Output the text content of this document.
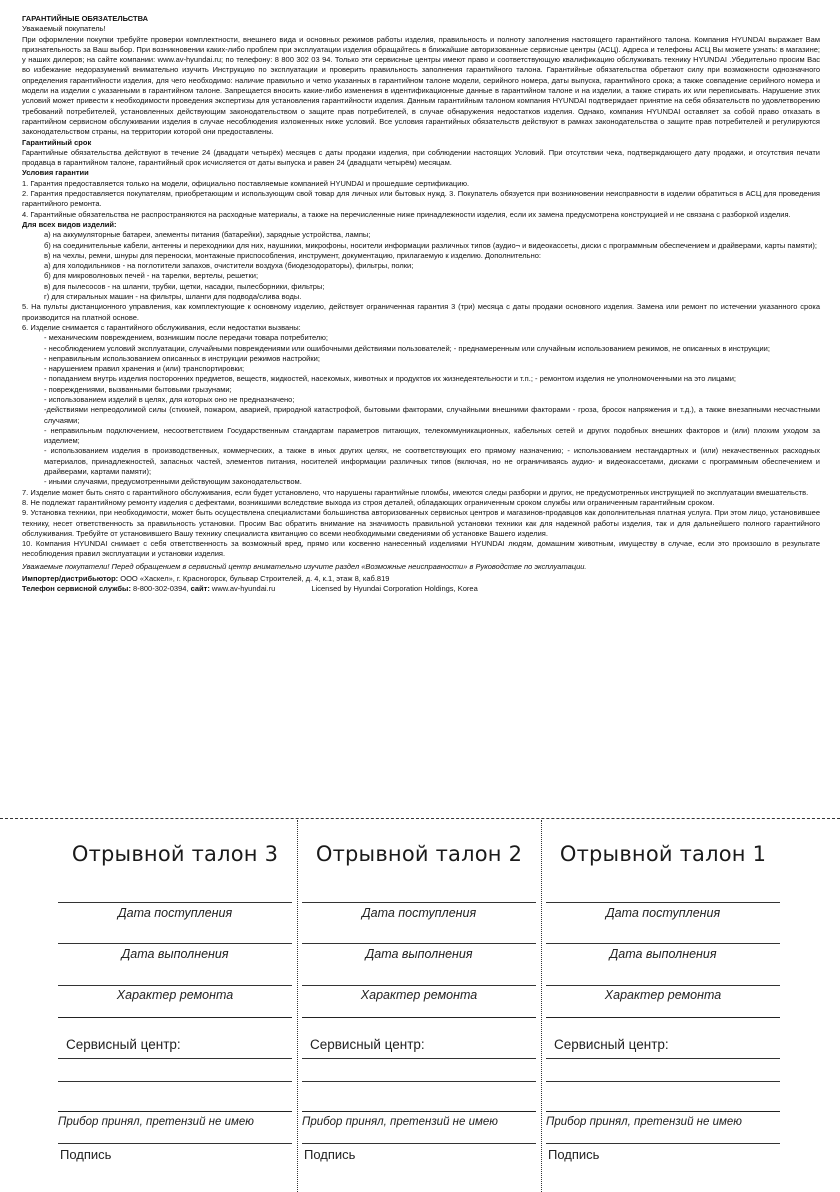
ГАРАНТИЙНЫЕ ОБЯЗАТЕЛЬСТВА

Уважаемый покупатель!

При оформлении покупки требуйте проверки комплектности, внешнего вида и основных режимов работы изделия, правильность и полноту заполнения настоящего гарантийного талона. Компания HYUNDAI выражает Вам признательность за Ваш выбор. При возникновении каких-либо проблем при эксплуатации изделия обращайтесь в ближайшие авторизованные сервисные центры (АСЦ). Адреса и телефоны АСЦ Вы можете узнать: в магазине; у наших дилеров; на сайте компании: www.av-hyundai.ru; по телефону: 8 800 302 03 94. Только эти сервисные центры имеют право и соответствующую квалификацию обслуживать технику HYUNDAI .Убедительно просим Вас во избежание недоразумений внимательно изучить Инструкцию по эксплуатации и проверить правильность заполнения гарантийного талона. Гарантийные обязательства обретают силу при возможности однозначного определения гарантийности изделия, для чего необходимо: наличие правильно и четко указанных в гарантийном талоне модели, серийного номера, даты выпуска, гарантийного срока; а также совпадение серийного номера и модели на изделии с указанными в гарантийном талоне. Запрещается вносить какие-либо изменения в идентификационные данные в гарантийном талоне и на изделии, а также стирать их или переписывать. Нарушение этих условий может привести к необходимости проведения экспертизы для установления гарантийности изделия. Данным гарантийным талоном компания HYUNDAI подтверждает принятие на себя обязательств по удовлетворению требований потребителей, установленных действующим законодательством о защите прав потребителей, в случае обнаружения недостатков изделия. Однако, компания HYUNDAI оставляет за собой право отказать в гарантийном сервисном обслуживании изделия в случае несоблюдения изложенных ниже условий. Все условия гарантийных обязательств действуют в рамках законодательства о защите прав потребителей и регулируются законодательством страны, на территории которой они предоставлены.

Гарантийный срок

Гарантийные обязательства действуют в течение 24 (двадцати четырёх) месяцев с даты продажи изделия, при соблюдении настоящих Условий. При отсутствии чека, подтверждающего дату продажи, и отсутствия печати продавца в гарантийном талоне, гарантийный срок исчисляется от даты выпуска и равен 24 (двадцати четырём) месяцам.

Условия гарантии

1. Гарантия предоставляется только на модели, официально поставляемые компанией HYUNDAI и прошедшие сертификацию.

2. Гарантия предоставляется покупателям, приобретающим и использующим свой товар для личных или бытовых нужд. 3. Покупатель обязуется при возникновении неисправности в изделии обратиться в АСЦ для проведения гарантийного ремонта.

4. Гарантийные обязательства не распространяются на расходные материалы, а также на перечисленные ниже принадлежности изделия, если их замена предусмотрена конструкцией и не связана с разборкой изделия.

Для всех видов изделий:

а) на аккумуляторные батареи, элементы питания (батарейки), зарядные устройства, лампы;

б) на соединительные кабели, антенны и переходники для них, наушники, микрофоны, носители информации различных типов (аудио¬ и видеокассеты, диски с программным обеспечением и драйверами, карты памяти);

в) на чехлы, ремни, шнуры для переноски, монтажные приспособления, инструмент, документацию, прилагаемую к изделию. Дополнительно:

а) для холодильников - на поглотители запахов, очистители воздуха (биодезодораторы), фильтры, полки;

б) для микроволновых печей - на тарелки, вертелы, решетки;

в) для пылесосов - на шланги, трубки, щетки, насадки, пылесборники, фильтры;

г) для стиральных машин - на фильтры, шланги для подвода/слива воды.

5. На пульты дистанционного управления, как комплектующие к основному изделию, действует ограниченная гарантия 3 (три) месяца с даты продажи основного изделия. Замена или ремонт по истечении указанного срока производится на платной основе.

6. Изделие снимается с гарантийного обслуживания, если недостатки вызваны:

- механическим повреждением, возникшим после передачи товара потребителю;

- несоблюдением условий эксплуатации, случайными повреждениями или ошибочными действиями пользователей; - преднамеренным или случайным использованием режимов, не описанных в инструкции;

- неправильным использованием описанных в инструкции режимов настройки;

- нарушением правил хранения и (или) транспортировки;

- попаданием внутрь изделия посторонних предметов, веществ, жидкостей, насекомых, животных и продуктов их жизнедеятельности и т.п.; - ремонтом изделия не уполномоченными на это лицами;

- повреждениями, вызванными бытовыми грызунами;

- использованием изделий в целях, для которых оно не предназначено;

-действиями непреодолимой силы (стихией, пожаром, аварией, природной катастрофой, бытовыми факторами, случайными внешними факторами - гроза, бросок напряжения и т.д.), а также внезапными несчастными случаями;

- неправильным подключением, несоответствием Государственным стандартам параметров питающих, телекоммуникационных, кабельных сетей и других подобных внешних факторов и (или) плохим уходом за изделием;

- использованием изделия в производственных, коммерческих, а также в иных других целях, не соответствующих его прямому назначению; - использованием нестандартных и (или) некачественных расходных материалов, принадлежностей, запасных частей, элементов питания, носителей информации различных типов (включая, но не ограничиваясь аудио- и видеокассетами, дисками с программным обеспечением и драйверами, картами памяти);

- иными случаями, предусмотренными действующим законодательством.

7. Изделие может быть снято с гарантийного обслуживания, если будет установлено, что нарушены гарантийные пломбы, имеются следы разборки и других, не предусмотренных инструкцией по эксплуатации вмешательств.

8. Не подлежат гарантийному ремонту изделия с дефектами, возникшими вследствие выхода из строя деталей, обладающих ограниченным сроком службы или ограниченным гарантийным сроком.

9. Установка техники, при необходимости, может быть осуществлена специалистами большинства авторизованных сервисных центров и магазинов-продавцов как дополнительная платная услуга. При этом лицо, установившее технику, несет ответственность за правильность установки. Просим Вас обратить внимание на значимость правильной установки техники как для надежной работы изделия, так и для дальнейшего полного гарантийного обслуживания. Требуйте от установившего Вашу технику специалиста квитанцию со всеми необходимыми сведениями об установке Вашего изделия.

10. Компания HYUNDAI снимает с себя ответственность за возможный вред, прямо или косвенно нанесенный изделиями HYUNDAI людям, домашним животным, имуществу в случае, если это произошло в результате несоблюдения правил эксплуатации и установки изделия.

Уважаемые покупатели! Перед обращением в сервисный центр внимательно изучите раздел «Возможные неисправности» в Руководстве по эксплуатации.

Импортер/дистрибьютор: ООО «Хаскел», г. Красногорск, бульвар Строителей, д. 4, к.1, этаж 8, каб.819

Телефон сервисной службы: 8-800-302-0394, сайт: www.av-hyundai.ru	Licensed by Hyundai Corporation Holdings, Korea

Отрывной талон 3
Дата поступления
Дата выполнения
Характер ремонта
Сервисный центр:
Прибор принял, претензий не имею
Подпись
Отрывной талон 2
Дата поступления
Дата выполнения
Характер ремонта
Сервисный центр:
Прибор принял, претензий не имею
Подпись
Отрывной талон 1
Дата поступления
Дата выполнения
Характер ремонта
Сервисный центр:
Прибор принял, претензий не имею
Подпись
